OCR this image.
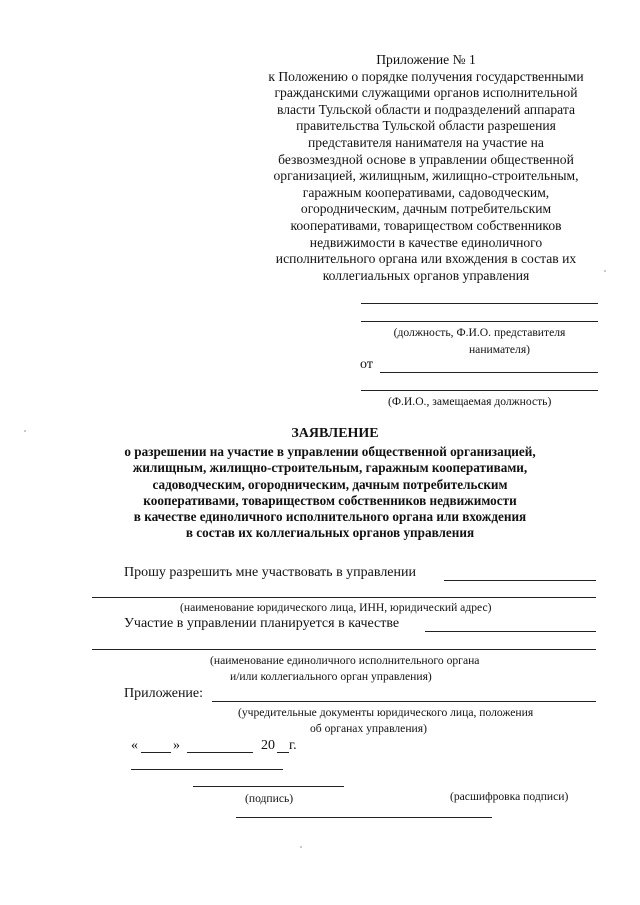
Приложение № 1
к Положению о порядке получения государственными
гражданскими служащими органов исполнительной
власти Тульской области и подразделений аппарата
правительства Тульской области разрешения
представителя нанимателя на участие на
безвозмездной основе в управлении общественной
организацией, жилищным, жилищно-строительным,
гаражным кооперативами, садоводческим,
огородническим, дачным потребительским
кооперативами, товариществом собственников
недвижимости в качестве единоличного
исполнительного органа или вхождения в состав их
коллегиальных органов управления
(должность, Ф.И.О. представителя
нанимателя)
от
(Ф.И.О., замещаемая должность)
ЗАЯВЛЕНИЕ
о разрешении на участие в управлении общественной организацией,
жилищным, жилищно-строительным, гаражным кооперативами,
садоводческим, огородническим, дачным потребительским
кооперативами, товариществом собственников недвижимости
в качестве единоличного исполнительного органа или вхождения
в состав их коллегиальных органов управления
Прошу разрешить мне участвовать в управлении
(наименование юридического лица, ИНН, юридический адрес)
Участие в управлении планируется в качестве
(наименование единоличного исполнительного органа
и/или коллегиального орган управления)
Приложение:
(учредительные документы юридического лица, положения
об органах управления)
«	»	20 г.
(подпись)	(расшифровка подписи)
